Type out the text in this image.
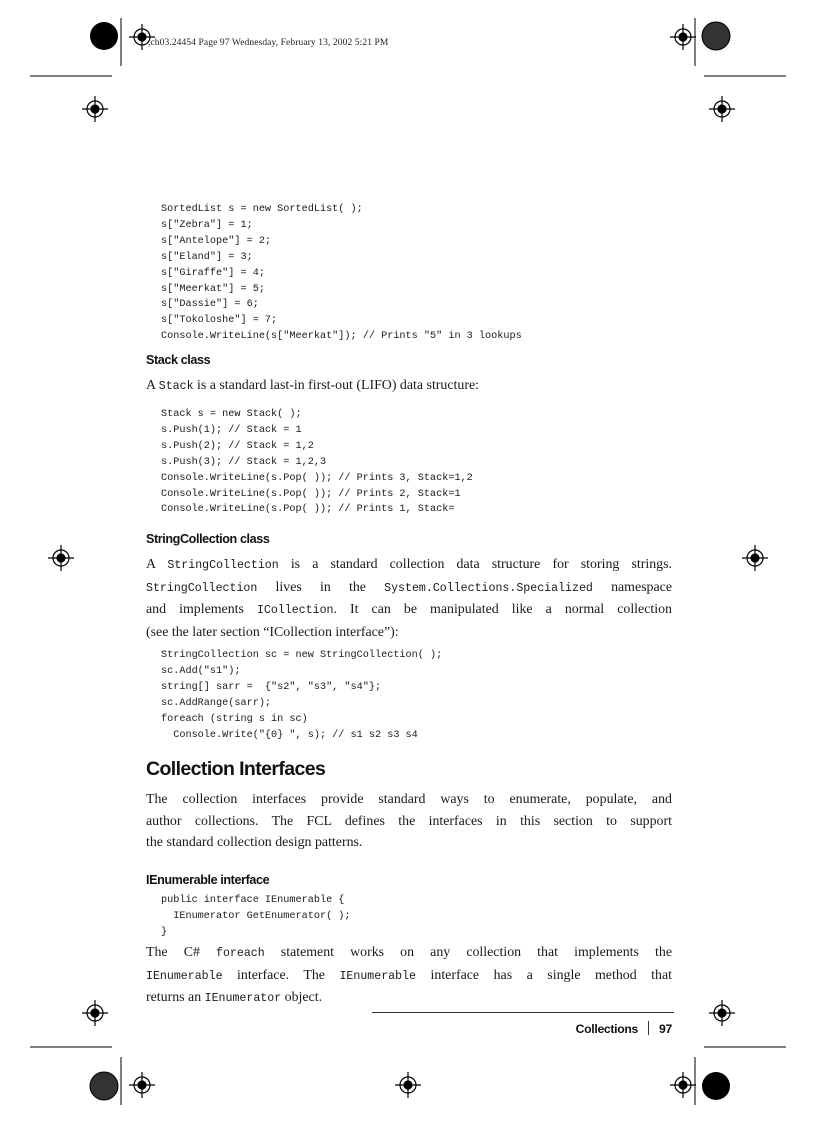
,ch03.24454 Page 97 Wednesday, February 13, 2002 5:21 PM
SortedList s = new SortedList( );
s["Zebra"] = 1;
s["Antelope"] = 2;
s["Eland"] = 3;
s["Giraffe"] = 4;
s["Meerkat"] = 5;
s["Dassie"] = 6;
s["Tokoloshe"] = 7;
Console.WriteLine(s["Meerkat"]); // Prints "5" in 3 lookups
Stack class

A Stack is a standard last-in first-out (LIFO) data structure:

Stack s = new Stack( );
s.Push(1); // Stack = 1
s.Push(2); // Stack = 1,2
s.Push(3); // Stack = 1,2,3
Console.WriteLine(s.Pop( )); // Prints 3, Stack=1,2
Console.WriteLine(s.Pop( )); // Prints 2, Stack=1
Console.WriteLine(s.Pop( )); // Prints 1, Stack=
StringCollection class

A StringCollection is a standard collection data structure for storing strings.
StringCollection lives in the System.Collections.Specialized namespace
and implements ICollection. It can be manipulated like a normal collection
(see the later section “ICollection interface”):

StringCollection sc = new StringCollection( );
sc.Add("s1");
string[] sarr =  {"s2", "s3", "s4"};
sc.AddRange(sarr);
foreach (string s in sc)
Console.Write("{0} ", s); // s1 s2 s3 s4
Collection Interfaces

The collection interfaces provide standard ways to enumerate, populate, and
author collections. The FCL defines the interfaces in this section to support
the standard collection design patterns.

IEnumerable interface
public interface IEnumerable {
IEnumerator GetEnumerator( );
}

The C# foreach statement works on any collection that implements the
IEnumerable interface. The IEnumerable interface has a single method that
returns an IEnumerator object.

Collections 97
